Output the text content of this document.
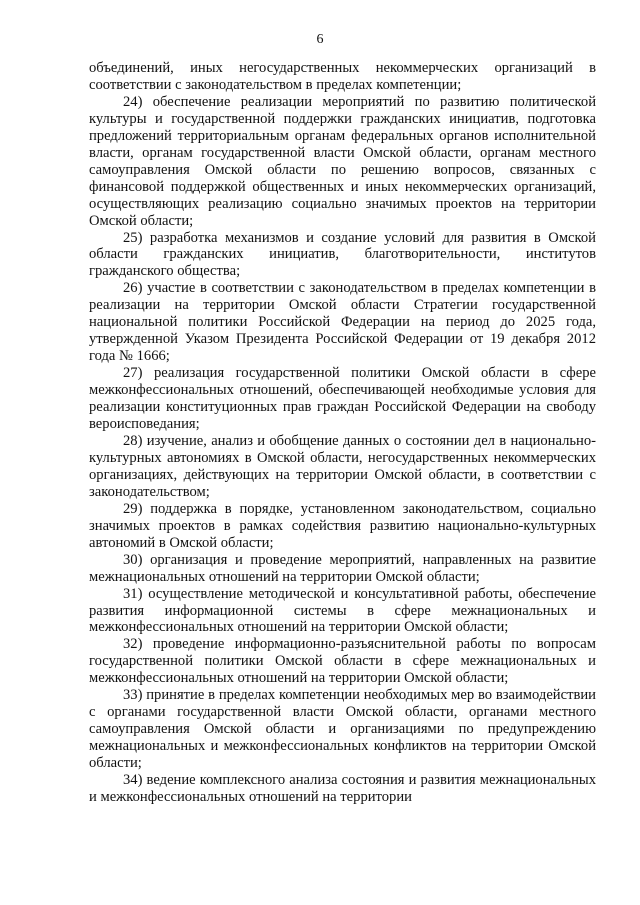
6

объединений, иных негосударственных некоммерческих организаций в соответствии с законодательством в пределах компетенции;

24) обеспечение реализации мероприятий по развитию политической культуры и государственной поддержки гражданских инициатив, подготовка предложений территориальным органам федеральных органов исполнительной власти, органам государственной власти Омской области, органам местного самоуправления Омской области по решению вопросов, связанных с финансовой поддержкой общественных и иных некоммерческих организаций, осуществляющих реализацию социально значимых проектов на территории Омской области;

25) разработка механизмов и создание условий для развития в Омской области гражданских инициатив, благотворительности, институтов гражданского общества;

26) участие в соответствии с законодательством в пределах компетенции в реализации на территории Омской области Стратегии государственной национальной политики Российской Федерации на период до 2025 года, утвержденной Указом Президента Российской Федерации от 19 декабря 2012 года № 1666;

27) реализация государственной политики Омской области в сфере межконфессиональных отношений, обеспечивающей необходимые условия для реализации конституционных прав граждан Российской Федерации на свободу вероисповедания;

28) изучение, анализ и обобщение данных о состоянии дел в национально-культурных автономиях в Омской области, негосударственных некоммерческих организациях, действующих на территории Омской области, в соответствии с законодательством;

29) поддержка в порядке, установленном законодательством, социально значимых проектов в рамках содействия развитию национально-культурных автономий в Омской области;

30) организация и проведение мероприятий, направленных на развитие межнациональных отношений на территории Омской области;

31) осуществление методической и консультативной работы, обеспечение развития информационной системы в сфере межнациональных и межконфессиональных отношений на территории Омской области;

32) проведение информационно-разъяснительной работы по вопросам государственной политики Омской области в сфере межнациональных и межконфессиональных отношений на территории Омской области;

33) принятие в пределах компетенции необходимых мер во взаимодействии с органами государственной власти Омской области, органами местного самоуправления Омской области и организациями по предупреждению межнациональных и межконфессиональных конфликтов на территории Омской области;

34) ведение комплексного анализа состояния и развития межнациональных и межконфессиональных отношений на территории
